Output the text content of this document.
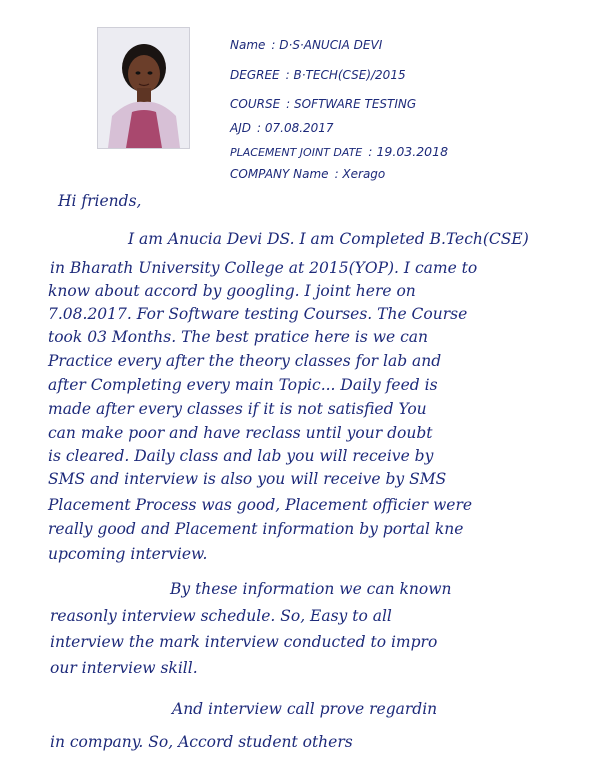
Name : D·S·ANUCIA DEVI
DEGREE : B·TECH(CSE)/2015
COURSE : SOFTWARE TESTING
AJD : 07.08.2017
PLACEMENT JOINT DATE : 19.03.2018
COMPANY Name : Xerago
Hi friends,
I am Anucia Devi DS. I am Completed B.Tech(CSE)
in Bharath University College at 2015(YOP). I came to
know about accord by googling. I joint here on
7.08.2017. For Software testing Courses. The Course
took 03 Months. The best pratice here is we can
Practice every after the theory classes for lab and
after Completing every main Topic... Daily feed is
made after every classes if it is not satisfied You
can make poor and have reclass until your doubt
is cleared. Daily class and lab you will receive by
SMS and interview is also you will receive by SMS
Placement Process was good, Placement officier were
really good and Placement information by portal kne
upcoming interview.
By these information we can known
reasonly interview schedule. So, Easy to all
interview the mark interview conducted to impro
our interview skill.
And interview call prove regardin
in company. So, Accord student others
